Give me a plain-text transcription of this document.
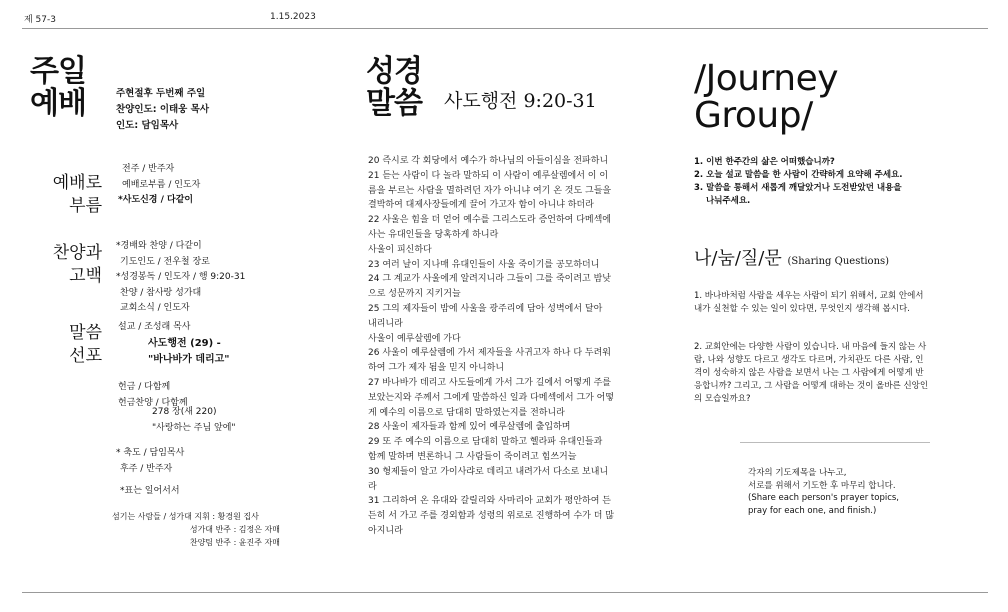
제 57-3	1.15.2023
주일
예배	주현절후 두번째 주일
찬양인도: 이태웅 목사
인도: 담임목사
예배로
부름
전주 / 반주자
예배로부름 / 인도자
*사도신경 / 다같이
찬양과
고백
*경배와 찬양 / 다같이
기도인도 / 전우철 장로
*성경봉독 / 인도자 / 행 9:20-31
찬양 / 참사랑 성가대
교회소식 / 인도자
말씀
선포
설교 / 조성래 목사
사도행전 (29) -
"바나바가 데리고"
헌금 / 다함께
헌금찬양 / 다함께
278 장(새 220)
"사랑하는 주님 앞에"
* 축도 / 담임목사
후주 / 반주자
*표는 일어서서
섬기는 사람들 / 성가대 지휘 : 황경원 집사
성가대 반주 : 김정은 자매
찬양팀 반주 : 윤진주 자매
성경
말씀 사도행전 9:20-31
20 즉시로 각 회당에서 예수가 하나님의 아들이심을 전파하니
21 듣는 사람이 다 놀라 말하되 이 사람이 예루살렘에서 이 이
름을 부르는 사람을 멸하려던 자가 아니냐 여기 온 것도 그들을
결박하여 대제사장들에게 끌어 가고자 함이 아니냐 하더라
22 사울은 힘을 더 얻어 예수를 그리스도라 증언하여 다메섹에
사는 유대인들을 당혹하게 하니라
사울이 피신하다
23 여러 날이 지나매 유대인들이 사울 죽이기를 공모하더니
24 그 계교가 사울에게 알려지니라 그들이 그를 죽이려고 밤낮
으로 성문까지 지키거늘
25 그의 제자들이 밤에 사울을 광주리에 담아 성벽에서 달아
내리니라
사울이 예루살렘에 가다
26 사울이 예루살렘에 가서 제자들을 사귀고자 하나 다 두려워
하여 그가 제자 됨을 믿지 아니하니
27 바나바가 데리고 사도들에게 가서 그가 길에서 어떻게 주를
보았는지와 주께서 그에게 말씀하신 일과 다메섹에서 그가 어떻
게 예수의 이름으로 담대히 말하였는지를 전하니라
28 사울이 제자들과 함께 있어 예루살렘에 출입하며
29 또 주 예수의 이름으로 담대히 말하고 헬라파 유대인들과
함께 말하며 변론하니 그 사람들이 죽이려고 힘쓰거늘
30 형제들이 알고 가이사랴로 데리고 내려가서 다소로 보내니
라
31 그리하여 온 유대와 갈릴리와 사마리아 교회가 평안하여 든
든히 서 가고 주를 경외함과 성령의 위로로 진행하여 수가 더 많
아지니라
/Journey
Group/
1. 이번 한주간의 삶은 어떠했습니까?
2. 오늘 설교 말씀을 한 사람이 간략하게 요약해 주세요.
3. 말씀을 통해서 새롭게 깨달았거나 도전받았던 내용을
나눠주세요.
나/눔/질/문 (Sharing Questions)
1. 바나바처럼 사람을 세우는 사람이 되기 위해서, 교회 안에서
내가 실천할 수 있는 일이 있다면, 무엇인지 생각해 봅시다.
2. 교회안에는 다양한 사람이 있습니다. 내 마음에 들지 않는 사
람, 나와 성향도 다르고 생각도 다르며, 가치관도 다른 사람, 인
격이 성숙하지 않은 사람을 보면서 나는 그 사람에게 어떻게 반
응합니까? 그리고, 그 사람을 어떻게 대하는 것이 올바른 신앙인
의 모습일까요?
각자의 기도제목을 나누고,
서로를 위해서 기도한 후 마무리 합니다.
(Share each person's prayer topics,
pray for each one, and finish.)
